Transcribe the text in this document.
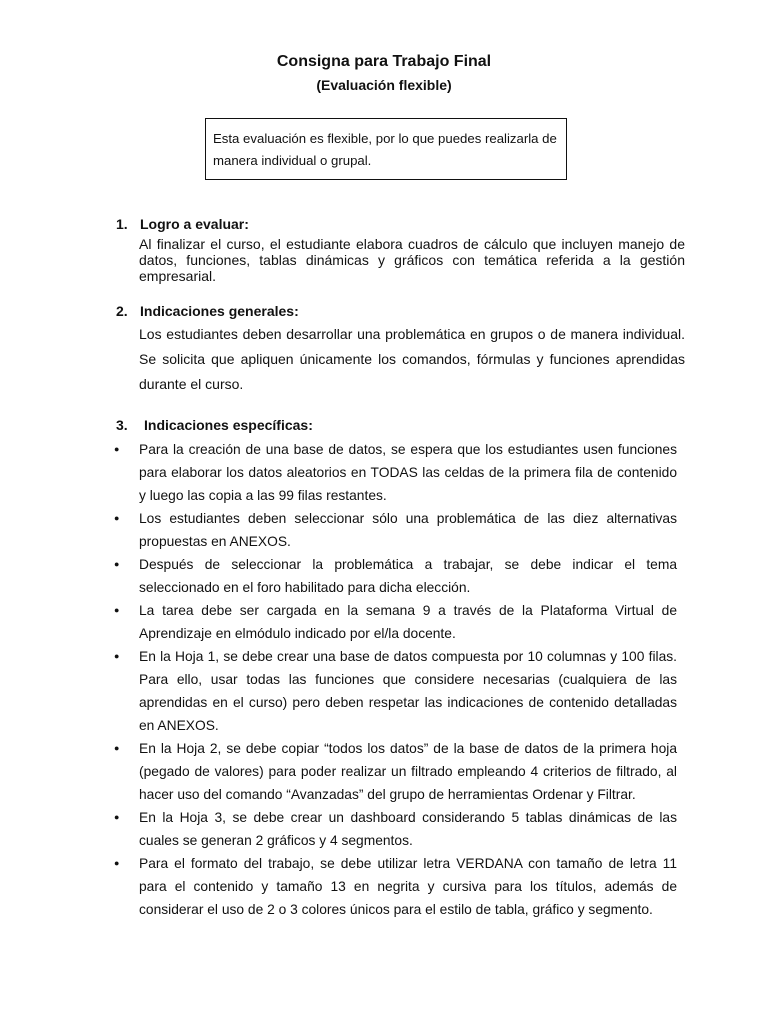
Consigna para Trabajo Final
(Evaluación flexible)
Esta evaluación es flexible, por lo que puedes realizarla de manera individual o grupal.
1. Logro a evaluar:
Al finalizar el curso, el estudiante elabora cuadros de cálculo que incluyen manejo de datos, funciones, tablas dinámicas y gráficos con temática referida a la gestión empresarial.
2. Indicaciones generales:
Los estudiantes deben desarrollar una problemática en grupos o de manera individual. Se solicita que apliquen únicamente los comandos, fórmulas y funciones aprendidas durante el curso.
3. Indicaciones específicas:
● Para la creación de una base de datos, se espera que los estudiantes usen funciones para elaborar los datos aleatorios en TODAS las celdas de la primera fila de contenido y luego las copia a las 99 filas restantes.
● Los estudiantes deben seleccionar sólo una problemática de las diez alternativas propuestas en ANEXOS.
● Después de seleccionar la problemática a trabajar, se debe indicar el tema seleccionado en el foro habilitado para dicha elección.
● La tarea debe ser cargada en la semana 9 a través de la Plataforma Virtual de Aprendizaje en elmódulo indicado por el/la docente.
● En la Hoja 1, se debe crear una base de datos compuesta por 10 columnas y 100 filas. Para ello, usar todas las funciones que considere necesarias (cualquiera de las aprendidas en el curso) pero deben respetar las indicaciones de contenido detalladas en ANEXOS.
● En la Hoja 2, se debe copiar “todos los datos” de la base de datos de la primera hoja (pegado de valores) para poder realizar un filtrado empleando 4 criterios de filtrado, al hacer uso del comando “Avanzadas” del grupo de herramientas Ordenar y Filtrar.
● En la Hoja 3, se debe crear un dashboard considerando 5 tablas dinámicas de las cuales se generan 2 gráficos y 4 segmentos.
● Para el formato del trabajo, se debe utilizar letra VERDANA con tamaño de letra 11 para el contenido y tamaño 13 en negrita y cursiva para los títulos, además de considerar el uso de 2 o 3 colores únicos para el estilo de tabla, gráfico y segmento.
